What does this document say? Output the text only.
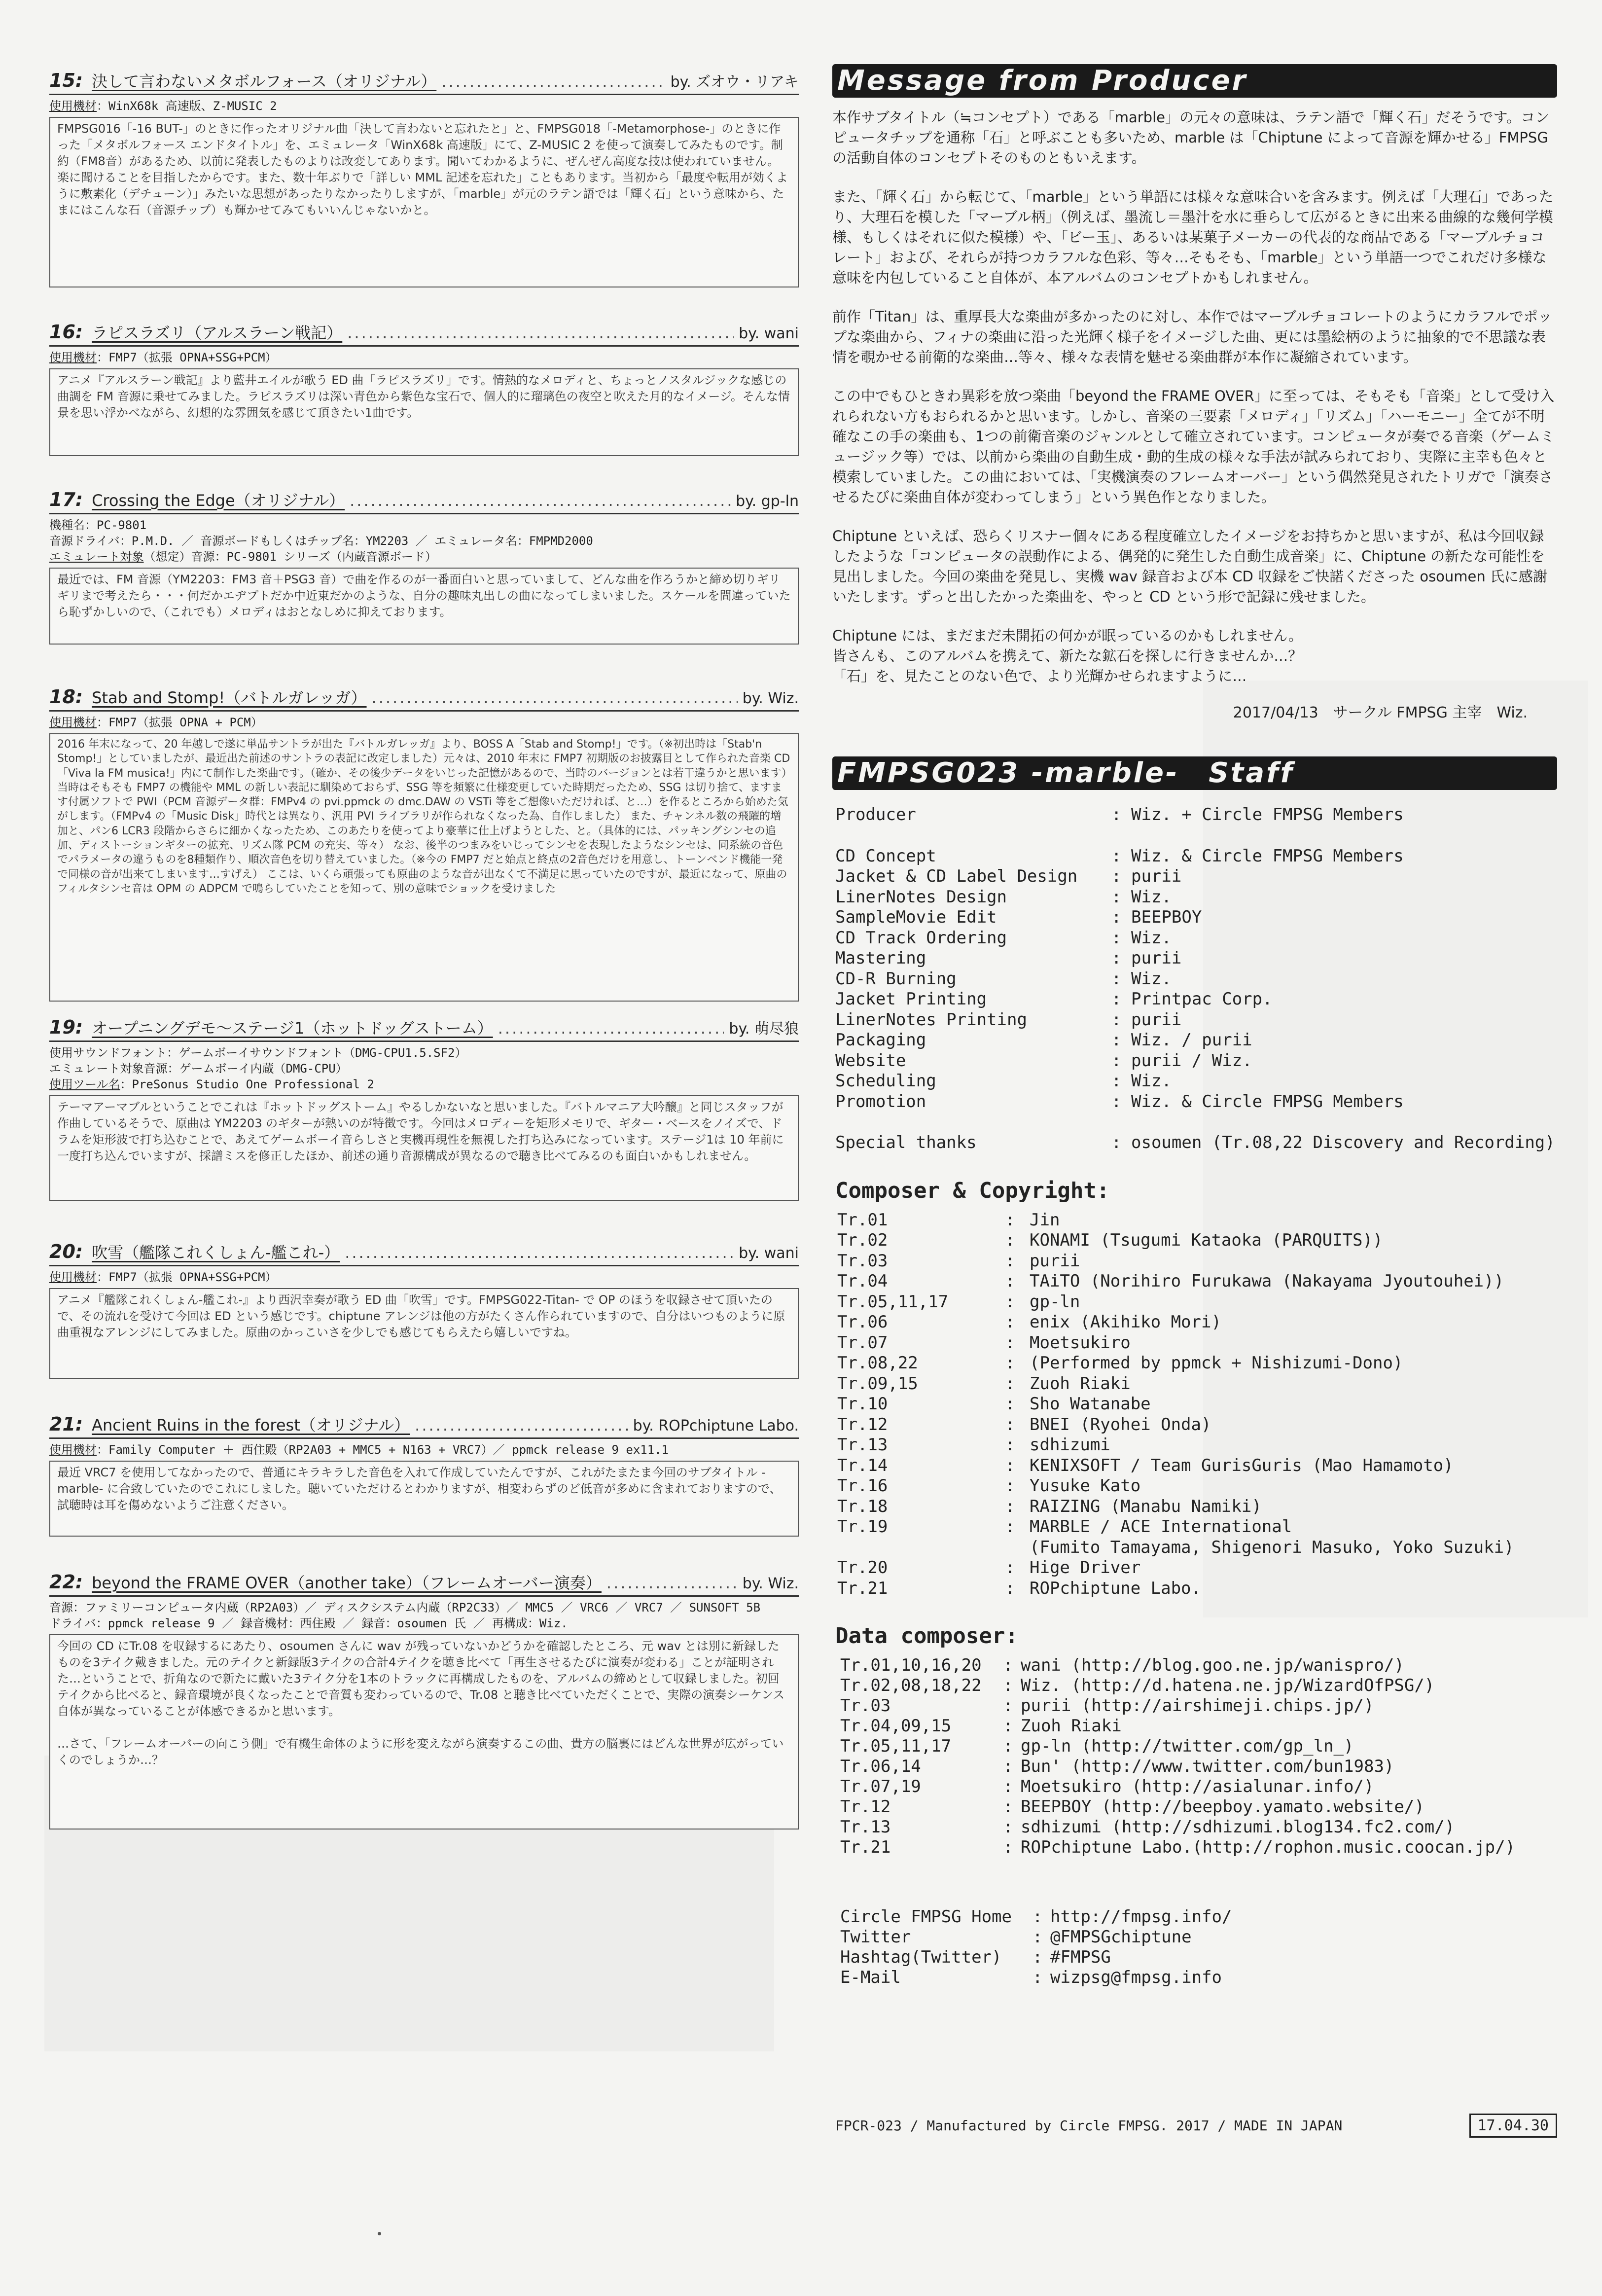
15: 決して言わないメタボルフォース（オリジナル） .....	by. ズオウ・リアキ
使用機材：WinX68k 高速版、Z-MUSIC 2
FMPSG016「-16 BUT-」のときに作ったオリジナル曲「決して言わないと忘れたと」と、FMPSG018「-Metamorphose-」のときに作った「メタボルフォース エンドタイトル」を、エミュレータ「WinX68k 高速版」にて、Z-MUSIC 2 を使って演奏してみたものです。制約（FM8音）があるため、以前に発表したものよりは改変してあります。聞いてわかるように、ぜんぜん高度な技は使われていません。楽に聞けることを目指したからです。また、数十年ぶりで「詳しい MML 記述を忘れた」こともあります。当初から「最度や転用が効くように敷素化（デチューン）」みたいな思想があったりなかったりしますが、「marble」が元のラテン語では「輝く石」という意味から、たまにはこんな石（音源チップ）も輝かせてみてもいいんじゃないかと。
16: ラピスラズリ（アルスラーン戦記） .....	by. wani
使用機材：FMP7（拡張 OPNA+SSG+PCM）
アニメ『アルスラーン戦記』より藍井エイルが歌う ED 曲「ラピスラズリ」です。情熱的なメロディと、ちょっとノスタルジックな感じの曲調を FM 音源に乗せてみました。ラピスラズリは深い青色から紫色な宝石で、個人的に瑠璃色の夜空と吹えた月的なイメージ。そんな情景を思い浮かべながら、幻想的な雰囲気を感じて頂きたい1曲です。
17: Crossing the Edge（オリジナル） .....	by. gp-ln
機種名：PC-9801
音源ドライバ：P.M.D. ／ 音源ボードもしくはチップ名：YM2203 ／ エミュレータ名：FMPMD2000
エミュレート対象（想定）音源：PC-9801 シリーズ（内蔵音源ボード）
最近では、FM 音源（YM2203：FM3 音＋PSG3 音）で曲を作るのが一番面白いと思っていまして、どんな曲を作ろうかと締め切りギリギリまで考えたら・・・何だかエヂプトだか中近東だかのような、自分の趣味丸出しの曲になってしまいました。スケールを間違っていたら恥ずかしいので、（これでも）メロディはおとなしめに抑えております。
18: Stab and Stomp!（バトルガレッガ） .....	by. Wiz.
使用機材：FMP7（拡張 OPNA + PCM）
2016 年末になって、20 年越しで遂に単品サントラが出た『バトルガレッガ』より、BOSS A「Stab and Stomp!」です。（※初出時は「Stab'n Stomp!」としていましたが、最近出た前述のサントラの表記に改定しました）元々は、2010 年末に FMP7 初期版のお披露目として作られた音楽 CD「Viva la FM musica!」内にて制作した楽曲です。（確か、その後少データをいじった記憶があるので、当時のバージョンとは若干違うかと思います）当時はそもそも FMP7 の機能や MML の新しい表記に馴染めておらず、SSG 等を頻繁に仕様変更していた時期だったため、SSG は切り捨て、ますます付属ソフトで PWI（PCM 音源データ群：FMPv4 の pvi.ppmck の dmc.DAW の VSTi 等をご想像いただければ、と…）を作るところから始めた気がします。（FMPv4 の「Music Disk」時代とは異なり、汎用 PVI ライブラリが作られなくなった為、自作しました） また、チャンネル数の飛躍的増加と、パン6 LCR3 段階からさらに細かくなったため、このあたりを使ってより豪華に仕上げようとした、と。（具体的には、パッキングシンセの追加、ディストーションギターの拡充、リズム隊 PCM の充実、等々） なお、後半のつまみをいじってシンセを表現したようなシンセは、同系統の音色でパラメータの違うものを8種類作り、順次音色を切り替えていました。（※今の FMP7 だと始点と終点の2音色だけを用意し、トーンベンド機能一発で同様の音が出来てしまいます…すげえ） ここは、いくら頑張っても原曲のような音が出なくて不満足に思っていたのですが、最近になって、原曲のフィルタシンセ音は OPM の ADPCM で鳴らしていたことを知って、別の意味でショックを受けました
19: オープニングデモ～ステージ1（ホットドッグストーム） .....	by. 萌尽狼
使用サウンドフォント：ゲームボーイサウンドフォント（DMG-CPU1.5.SF2）
エミュレート対象音源：ゲームボーイ内蔵（DMG-CPU）
使用ツール名：PreSonus Studio One Professional 2
テーマアーマブルということでこれは『ホットドッグストーム』やるしかないなと思いました。『バトルマニア大吟醸』と同じスタッフが作曲しているそうで、原曲は YM2203 のギターが熱いのが特徴です。今回はメロディーを矩形メモリで、ギター・ベースをノイズで、ドラムを矩形波で打ち込むことで、あえてゲームボーイ音らしさと実機再現性を無視した打ち込みになっています。ステージ1は 10 年前に一度打ち込んでいますが、採譜ミスを修正したほか、前述の通り音源構成が異なるので聴き比べてみるのも面白いかもしれません。
20: 吹雪（艦隊これくしょん-艦これ-） .....	by. wani
使用機材：FMP7（拡張 OPNA+SSG+PCM）
アニメ『艦隊これくしょん-艦これ-』より西沢幸奏が歌う ED 曲「吹雪」です。FMPSG022-Titan- で OP のほうを収録させて頂いたので、その流れを受けて今回は ED という感じです。chiptune アレンジは他の方がたくさん作られていますので、自分はいつものように原曲重視なアレンジにしてみました。原曲のかっこいさを少しでも感じてもらえたら嬉しいですね。
21: Ancient Ruins in the forest（オリジナル） .....	by. ROPchiptune Labo.
使用機材：Family Computer ＋ 西住殿（RP2A03 + MMC5 + N163 + VRC7）／ ppmck release 9 ex11.1
最近 VRC7 を使用してなかったので、普通にキラキラした音色を入れて作成していたんですが、これがたまたま今回のサブタイトル -marble- に合致していたのでこれにしました。聴いていただけるとわかりますが、相変わらずのど低音が多めに含まれておりますので、試聴時は耳を傷めないようご注意ください。
22: beyond the FRAME OVER（another take）（フレームオーバー演奏） .....	by. Wiz.
音源：ファミリーコンピュータ内蔵（RP2A03）／ ディスクシステム内蔵（RP2C33）／ MMC5 ／ VRC6 ／ VRC7 ／ SUNSOFT 5B
ドライバ：ppmck release 9 ／ 録音機材：西住殿 ／ 録音：osoumen 氏 ／ 再構成：Wiz.
今回の CD にTr.08 を収録するにあたり、osoumen さんに wav が残っていないかどうかを確認したところ、元 wav とは別に新録したものを3テイク戴きました。元のテイクと新録版3テイクの合計4テイクを聴き比べて「再生させるたびに演奏が変わる」ことが証明された…ということで、折角なので新たに戴いた3テイク分を1本のトラックに再構成したものを、アルバムの締めとして収録しました。初回テイクから比べると、録音環境が良くなったことで音質も変わっているので、Tr.08 と聴き比べていただくことで、実際の演奏シーケンス自体が異なっていることが体感できるかと思います。

…さて、「フレームオーバーの向こう側」で有機生命体のように形を変えながら演奏するこの曲、貴方の脳裏にはどんな世界が広がっていくのでしょうか…？
Message from Producer

本作サブタイトル（≒コンセプト）である「marble」の元々の意味は、ラテン語で「輝く石」だそうです。コンピュータチップを通称「石」と呼ぶことも多いため、marble は「Chiptune によって音源を輝かせる」FMPSG の活動自体のコンセプトそのものともいえます。

また、「輝く石」から転じて、「marble」という単語には様々な意味合いを含みます。例えば「大理石」であったり、大理石を模した「マーブル柄」（例えば、墨流し＝墨汁を水に垂らして広がるときに出来る曲線的な幾何学模様、もしくはそれに似た模様）や、「ビー玉」、あるいは某菓子メーカーの代表的な商品である「マーブルチョコレート」および、それらが持つカラフルな色彩、等々…そもそも、「marble」という単語一つでこれだけ多様な意味を内包していること自体が、本アルバムのコンセプトかもしれません。

前作「Titan」は、重厚長大な楽曲が多かったのに対し、本作ではマーブルチョコレートのようにカラフルでポップな楽曲から、フィナの楽曲に沿った光輝く様子をイメージした曲、更には墨絵柄のように抽象的で不思議な表情を覗かせる前衛的な楽曲…等々、様々な表情を魅せる楽曲群が本作に凝縮されています。

この中でもひときわ異彩を放つ楽曲「beyond the FRAME OVER」に至っては、そもそも「音楽」として受け入れられない方もおられるかと思います。しかし、音楽の三要素「メロディ」「リズム」「ハーモニー」全てが不明確なこの手の楽曲も、1つの前衛音楽のジャンルとして確立されています。コンピュータが奏でる音楽（ゲームミュージック等）では、以前から楽曲の自動生成・動的生成の様々な手法が試みられており、実際に主幸も色々と模索していました。この曲においては、「実機演奏のフレームオーバー」という偶然発見されたトリガで「演奏させるたびに楽曲自体が変わってしまう」という異色作となりました。

Chiptune といえば、恐らくリスナー個々にある程度確立したイメージをお持ちかと思いますが、私は今回収録したような「コンピュータの誤動作による、偶発的に発生した自動生成音楽」に、Chiptune の新たな可能性を見出しました。今回の楽曲を発見し、実機 wav 録音および本 CD 収録をご快諾くださった osoumen 氏に感謝いたします。ずっと出したかった楽曲を、やっと CD という形で記録に残せました。

Chiptune には、まだまだ未開拓の何かが眠っているのかもしれません。
皆さんも、このアルバムを携えて、新たな鉱石を探しに行きませんか…？
「石」を、見たことのない色で、より光輝かせられますように…

2017/04/13　サークル FMPSG 主宰　Wiz.
FMPSG023 -marble-　Staff
Producer	: Wiz. + Circle FMPSG Members
CD Concept	: Wiz. & Circle FMPSG Members
Jacket & CD Label Design	: purii
LinerNotes Design	: Wiz.
SampleMovie Edit	: BEEPBOY
CD Track Ordering	: Wiz.
Mastering	: purii
CD-R Burning	: Wiz.
Jacket Printing	: Printpac Corp.
LinerNotes Printing	: purii
Packaging	: Wiz. / purii
Website	: purii / Wiz.
Scheduling	: Wiz.
Promotion	: Wiz. & Circle FMPSG Members
Special thanks	: osoumen (Tr.08,22 Discovery and Recording)
Composer & Copyright:
Tr.01	: Jin
Tr.02	: KONAMI (Tsugumi Kataoka (PARQUITS))
Tr.03	: purii
Tr.04	: TAiTO (Norihiro Furukawa (Nakayama Jyoutouhei))
Tr.05,11,17	: gp-ln
Tr.06	: enix (Akihiko Mori)
Tr.07	: Moetsukiro
Tr.08,22	: (Performed by ppmck + Nishizumi-Dono)
Tr.09,15	: Zuoh Riaki
Tr.10	: Sho Watanabe
Tr.12	: BNEI (Ryohei Onda)
Tr.13	: sdhizumi
Tr.14	: KENIXSOFT / Team GurisGuris (Mao Hamamoto)
Tr.16	: Yusuke Kato
Tr.18	: RAIZING (Manabu Namiki)
Tr.19	: MARBLE / ACE International
(Fumito Tamayama, Shigenori Masuko, Yoko Suzuki)
Tr.20	: Hige Driver
Tr.21	: ROPchiptune Labo.
Data composer:
Tr.01,10,16,20	: wani (http://blog.goo.ne.jp/wanispro/)
Tr.02,08,18,22	: Wiz. (http://d.hatena.ne.jp/WizardOfPSG/)
Tr.03	: purii (http://airshimeji.chips.jp/)
Tr.04,09,15	: Zuoh Riaki
Tr.05,11,17	: gp-ln (http://twitter.com/gp_ln_)
Tr.06,14	: Bun' (http://www.twitter.com/bun1983)
Tr.07,19	: Moetsukiro (http://asialunar.info/)
Tr.12	: BEEPBOY (http://beepboy.yamato.website/)
Tr.13	: sdhizumi (http://sdhizumi.blog134.fc2.com/)
Tr.21	: ROPchiptune Labo.(http://rophon.music.coocan.jp/)
Circle FMPSG Home	: http://fmpsg.info/
Twitter	: @FMPSGchiptune
Hashtag(Twitter)	: #FMPSG
E-Mail	: wizpsg@fmpsg.info
FPCR-023 / Manufactured by Circle FMPSG. 2017 / MADE IN JAPAN	17.04.30
